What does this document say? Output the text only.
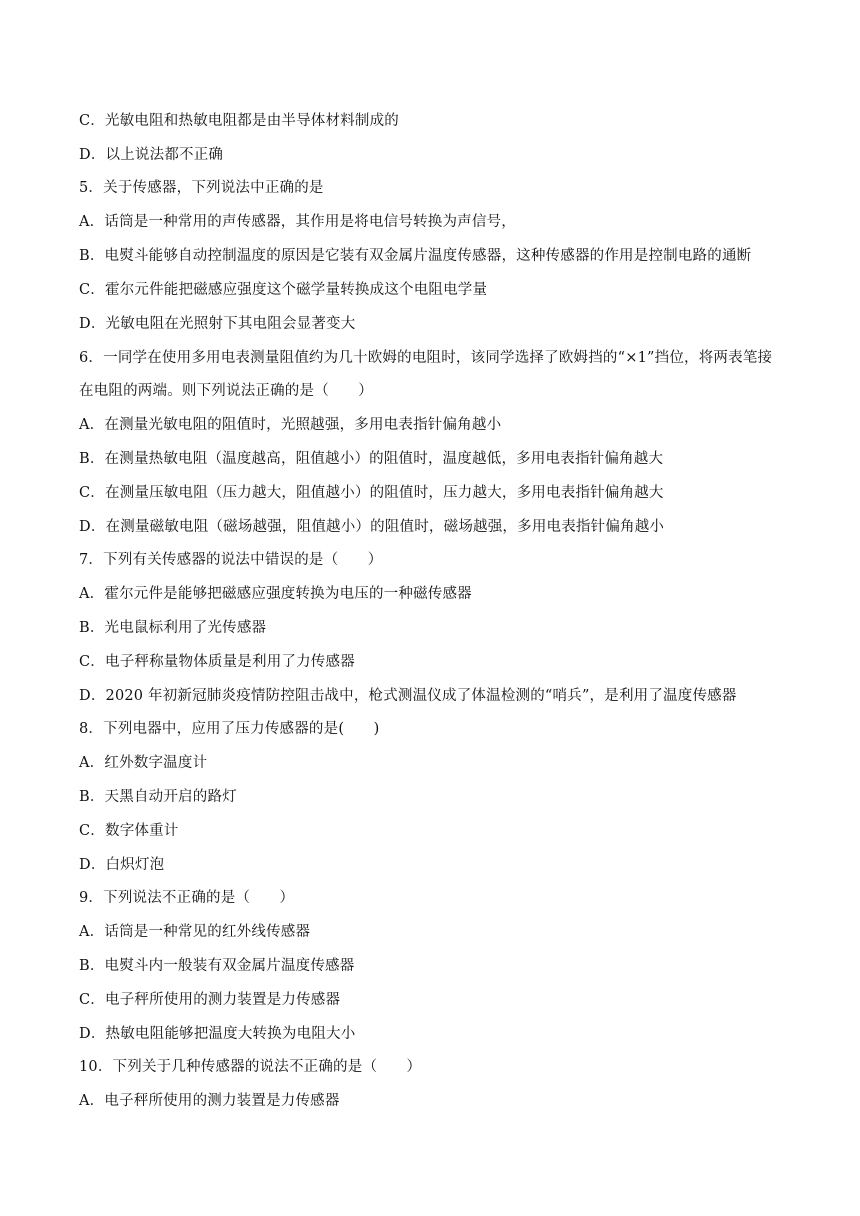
C．光敏电阻和热敏电阻都是由半导体材料制成的
D．以上说法都不正确
5．关于传感器，下列说法中正确的是
A．话筒是一种常用的声传感器，其作用是将电信号转换为声信号，
B．电熨斗能够自动控制温度的原因是它装有双金属片温度传感器，这种传感器的作用是控制电路的通断
C．霍尔元件能把磁感应强度这个磁学量转换成这个电阻电学量
D．光敏电阻在光照射下其电阻会显著变大
6．一同学在使用多用电表测量阻值约为几十欧姆的电阻时，该同学选择了欧姆挡的“×1”挡位，将两表笔接
在电阻的两端。则下列说法正确的是（　　）
A．在测量光敏电阻的阻值时，光照越强，多用电表指针偏角越小
B．在测量热敏电阻（温度越高，阻值越小）的阻值时，温度越低，多用电表指针偏角越大
C．在测量压敏电阻（压力越大，阻值越小）的阻值时，压力越大，多用电表指针偏角越大
D．在测量磁敏电阻（磁场越强，阻值越小）的阻值时，磁场越强，多用电表指针偏角越小
7．下列有关传感器的说法中错误的是（　　）
A．霍尔元件是能够把磁感应强度转换为电压的一种磁传感器
B．光电鼠标利用了光传感器
C．电子秤称量物体质量是利用了力传感器
D．2020 年初新冠肺炎疫情防控阻击战中，枪式测温仪成了体温检测的“哨兵”，是利用了温度传感器
8．下列电器中，应用了压力传感器的是(　　)
A．红外数字温度计
B．天黑自动开启的路灯
C．数字体重计
D．白炽灯泡
9．下列说法不正确的是（　　）
A．话筒是一种常见的红外线传感器
B．电熨斗内一般装有双金属片温度传感器
C．电子秤所使用的测力装置是力传感器
D．热敏电阻能够把温度大转换为电阻大小
10．下列关于几种传感器的说法不正确的是（　　）
A．电子秤所使用的测力装置是力传感器
